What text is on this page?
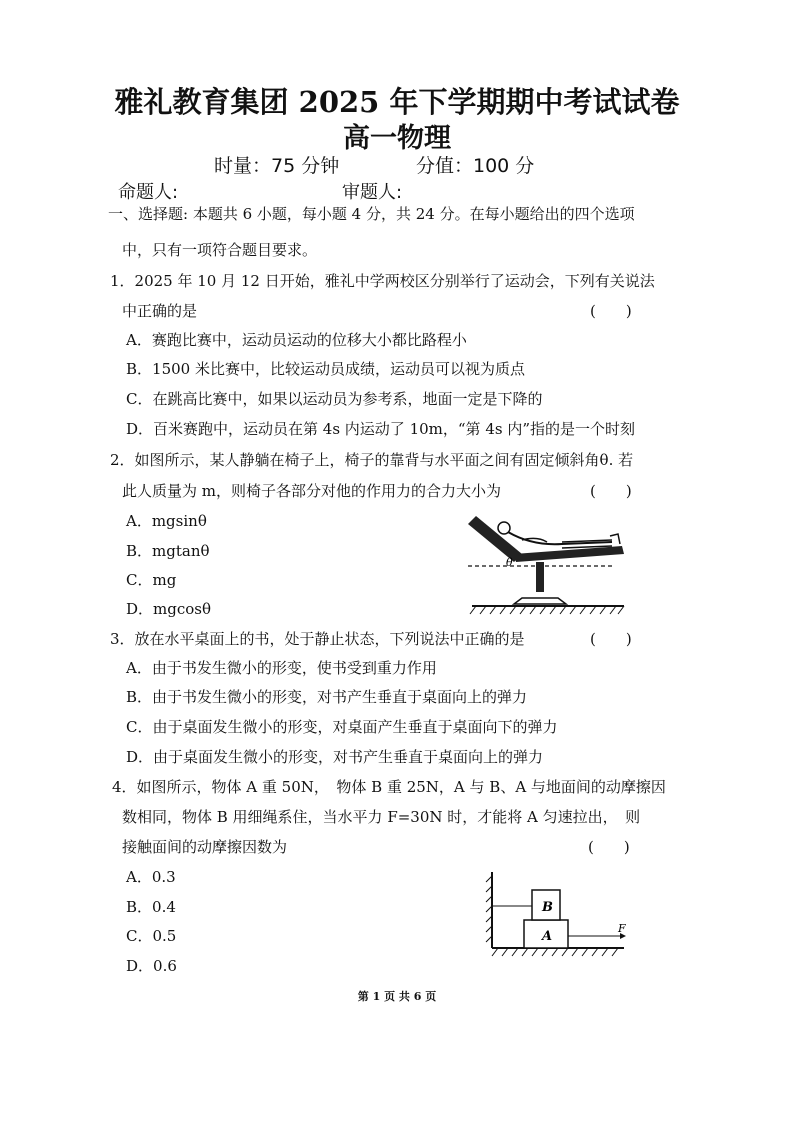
雅礼教育集团 2025 年下学期期中考试试卷
高一物理
时量：75 分钟	分值：100 分
命题人:	审题人:
一、选择题: 本题共 6 小题，每小题 4 分，共 24 分。在每小题给出的四个选项
中，只有一项符合题目要求。
1．2025 年 10 月 12 日开始，雅礼中学两校区分别举行了运动会，下列有关说法
中正确的是	(　　)
A．赛跑比赛中，运动员运动的位移大小都比路程小
B．1500 米比赛中，比较运动员成绩，运动员可以视为质点
C．在跳高比赛中，如果以运动员为参考系，地面一定是下降的
D．百米赛跑中，运动员在第 4s 内运动了 10m，“第 4s 内”指的是一个时刻
2．如图所示，某人静躺在椅子上，椅子的靠背与水平面之间有固定倾斜角θ. 若
此人质量为 m，则椅子各部分对他的作用力的合力大小为	(　　)
A．mgsinθ
B．mgtanθ
C．mg
D．mgcosθ
θ
3．放在水平桌面上的书，处于静止状态，下列说法中正确的是	(　　)
A．由于书发生微小的形变，使书受到重力作用
B．由于书发生微小的形变，对书产生垂直于桌面向上的弹力
C．由于桌面发生微小的形变，对桌面产生垂直于桌面向下的弹力
D．由于桌面发生微小的形变，对书产生垂直于桌面向上的弹力
4．如图所示，物体 A 重 50N，　物体 B 重 25N，A 与 B、A 与地面间的动摩擦因
数相同，物体 B 用细绳系住，当水平力 F=30N 时，才能将 A 匀速拉出，　则
接触面间的动摩擦因数为	(　　)
A．0.3
B．0.4
C．0.5
D．0.6
B
A
F
第 1 页 共 6 页
